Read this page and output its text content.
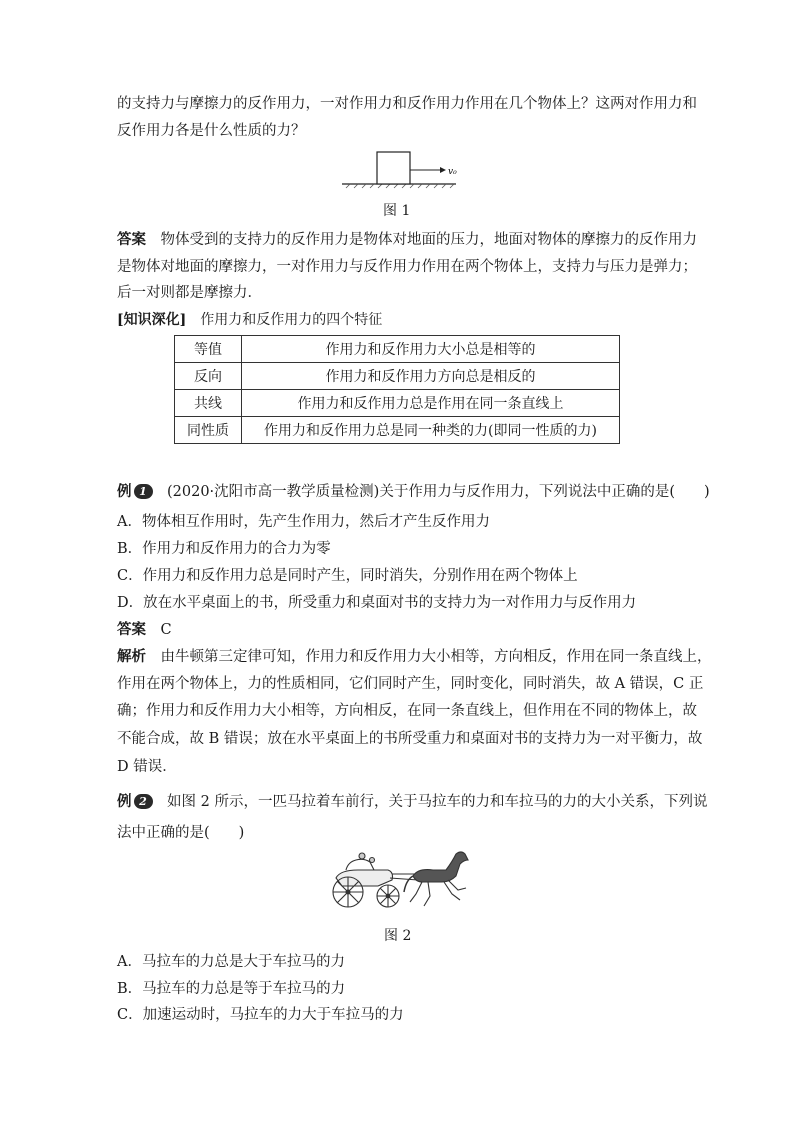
的支持力与摩擦力的反作用力，一对作用力和反作用力作用在几个物体上？这两对作用力和
反作用力各是什么性质的力？
v₀
图 1
答案　 物体受到的支持力的反作用力是物体对地面的压力，地面对物体的摩擦力的反作用力
是物体对地面的摩擦力，一对作用力与反作用力作用在两个物体上，支持力与压力是弹力；
后一对则都是摩擦力．
[知识深化]　 作用力和反作用力的四个特征
等值	作用力和反作用力大小总是相等的
反向	作用力和反作用力方向总是相反的
共线	作用力和反作用力总是作用在同一条直线上
同性质	作用力和反作用力总是同一种类的力(即同一性质的力)
例 1　 (2020·沈阳市高一教学质量检测)关于作用力与反作用力，下列说法中正确的是(　　)
A．物体相互作用时，先产生作用力，然后才产生反作用力
B．作用力和反作用力的合力为零
C．作用力和反作用力总是同时产生，同时消失，分别作用在两个物体上
D．放在水平桌面上的书，所受重力和桌面对书的支持力为一对作用力与反作用力
答案　 C
解析　 由牛顿第三定律可知，作用力和反作用力大小相等，方向相反，作用在同一条直线上，
作用在两个物体上，力的性质相同，它们同时产生，同时变化，同时消失，故 A 错误，C 正
确；作用力和反作用力大小相等，方向相反，在同一条直线上，但作用在不同的物体上，故
不能合成，故 B 错误；放在水平桌面上的书所受重力和桌面对书的支持力为一对平衡力，故
D 错误．
例 2　 如图 2 所示，一匹马拉着车前行，关于马拉车的力和车拉马的力的大小关系，下列说
法中正确的是(　　)
图 2
A．马拉车的力总是大于车拉马的力
B．马拉车的力总是等于车拉马的力
C．加速运动时，马拉车的力大于车拉马的力
